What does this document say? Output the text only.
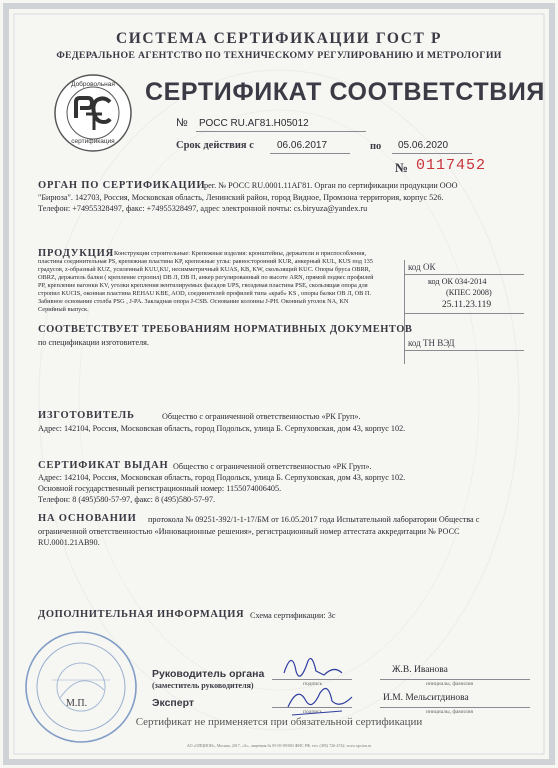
СИСТЕМА СЕРТИФИКАЦИИ ГОСТ Р
ФЕДЕРАЛЬНОЕ АГЕНТСТВО ПО ТЕХНИЧЕСКОМУ РЕГУЛИРОВАНИЮ И МЕТРОЛОГИИ
Добровольная
сертификация
СЕРТИФИКАТ СООТВЕТСТВИЯ
№ РОСС RU.АГ81.Н05012
Срок действия с 06.06.2017	по 05.06.2020
№ 0117452
ОРГАН ПО СЕРТИФИКАЦИИ
рег. № РОСС RU.0001.11АГ81. Орган по сертификации продукции ООО
"Бирюза". 142703, Россия, Московская область, Ленинский район, город Видное, Промзона территория, корпус 526.
Телефон: +74955328497, факс: +74955328497, адрес электронной почты: cs.biryuza@yandex.ru
ПРОДУКЦИЯ Конструкции строительные: Крепежные изделия: кронштейны, держатели и приспособления,
пластина соединительная PS, крепежная пластина KP, крепежные углы: равносторонний KUR, анкерный KUL, KUS под 135
градусов, z-образный KUZ, усиленный KUU,KU, несимметричный KUAS, KB, KW, скользящий KUC. Опоры бруса OBRR,
OBRZ, держатель балки ( крепление стропил) DB Л, DB П, анкер регулированный по высоте ARN, прямой подвес профилей
PP, крепление вагонки KV, уголки крепления вентилируемых фасадов UPS, гвоздевая пластина PSE, скользящая опора для
стропил KUCIS, оконная пластина REHAU KBE, AOD, соединителей профилей типа «краб» KS , опоры балки ОВ Л, ОВ П.
Забивное основание столба PSG , J-PA. Закладная опора J-CSB. Основание колонны J-PH. Оконный уголок NA, KN
Серийный выпуск.
код ОК
код ОК 034-2014
(КПЕС 2008)
25.11.23.119
СООТВЕТСТВУЕТ ТРЕБОВАНИЯМ НОРМАТИВНЫХ ДОКУМЕНТОВ
по спецификации изготовителя.	код ТН ВЭД
ИЗГОТОВИТЕЛЬ	Общество с ограниченной ответственностью «РК Груп».
Адрес: 142104, Россия, Московская область, город Подольск, улица Б. Серпуховская, дом 43, корпус 102.
СЕРТИФИКАТ ВЫДАН Общество с ограниченной ответственностью «РК Груп».
Адрес: 142104, Россия, Московская область, город Подольск, улица Б. Серпуховская, дом 43, корпус 102.
Основной государственный регистрационный номер: 1155074006405.
Телефон: 8 (495)580-57-97, факс: 8 (495)580-57-97.
НА ОСНОВАНИИ протокола № 09251-392/1-1-17/БМ от 16.05.2017 года Испытательной лаборатории Общества с
ограниченной ответственностью «Инновационные решения», регистрационный номер аттестата аккредитации № РОСС
RU.0001.21АВ90.
ДОПОЛНИТЕЛЬНАЯ ИНФОРМАЦИЯ Схема сертификации: 3с
М.П.
Руководитель органа
(заместитель руководителя)	подпись
Ж.В. Иванова
инициалы, фамилия
Эксперт
подпись
И.М. Мельситдинова
инициалы, фамилия
Сертификат не применяется при обязательной сертификации
АО «ОПЦИОН», Москва, 2017, «А», лицензия № 05-05-09/003 ФНС РФ, тел. (495) 726-4742, www.opcion.ru
